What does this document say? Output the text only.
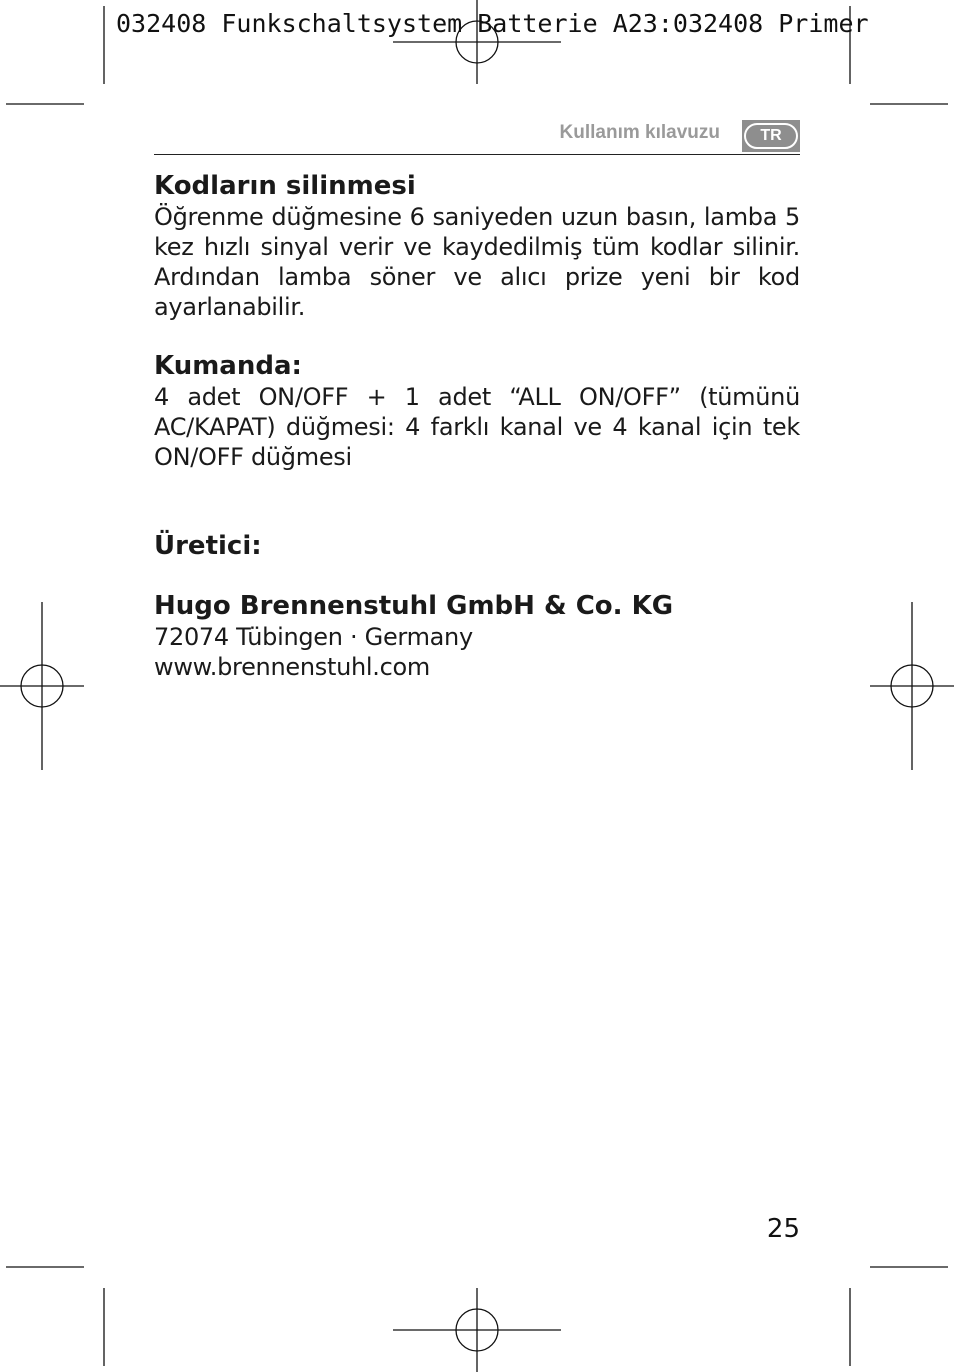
032408 Funkschaltsystem Batterie A23:032408 Primer
Kullanım kılavuzu	TR
Kodların silinmesi

Öğrenme düğmesine 6 saniyeden uzun basın, lamba 5 kez hızlı sinyal verir ve kaydedilmiş tüm kodlar silinir. Ardından lamba söner ve alıcı prize yeni bir kod ayarlanabilir.

Kumanda:

4 adet ON/OFF + 1 adet “ALL ON/OFF” (tümünü AC/KAPAT) düğmesi: 4 farklı kanal ve 4 kanal için tek ON/OFF düğmesi

Üretici:
Hugo Brennenstuhl GmbH & Co. KG

72074 Tübingen · Germany

www.brennenstuhl.com

25
